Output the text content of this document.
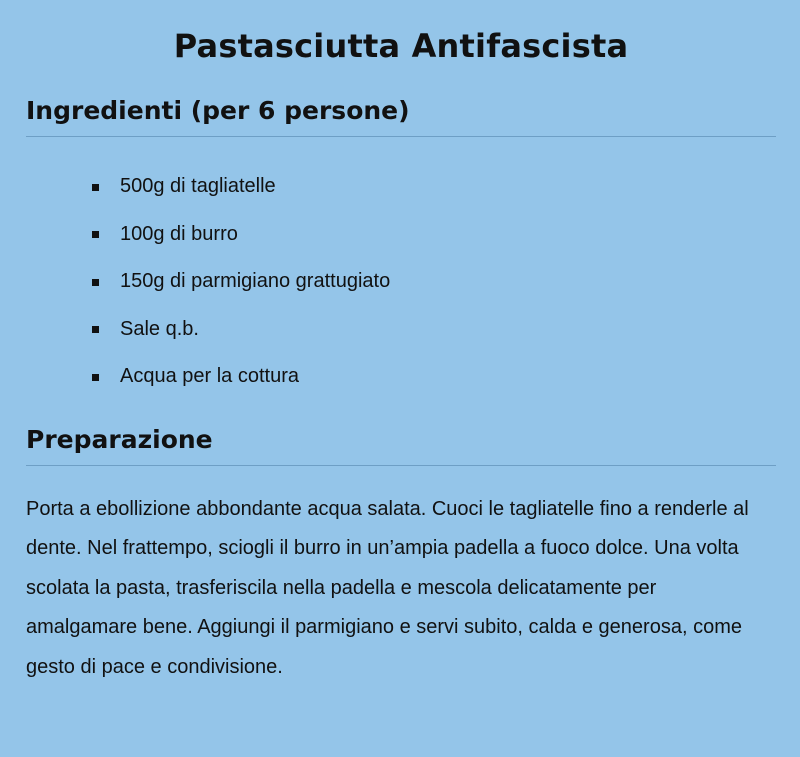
Pastasciutta Antifascista
Ingredienti (per 6 persone)
500g di tagliatelle
100g di burro
150g di parmigiano grattugiato
Sale q.b.
Acqua per la cottura
Preparazione

Porta a ebollizione abbondante acqua salata. Cuoci le tagliatelle fino a renderle al dente. Nel frattempo, sciogli il burro in un’ampia padella a fuoco dolce. Una volta scolata la pasta, trasferiscila nella padella e mescola delicatamente per amalgamare bene. Aggiungi il parmigiano e servi subito, calda e generosa, come gesto di pace e condivisione.
